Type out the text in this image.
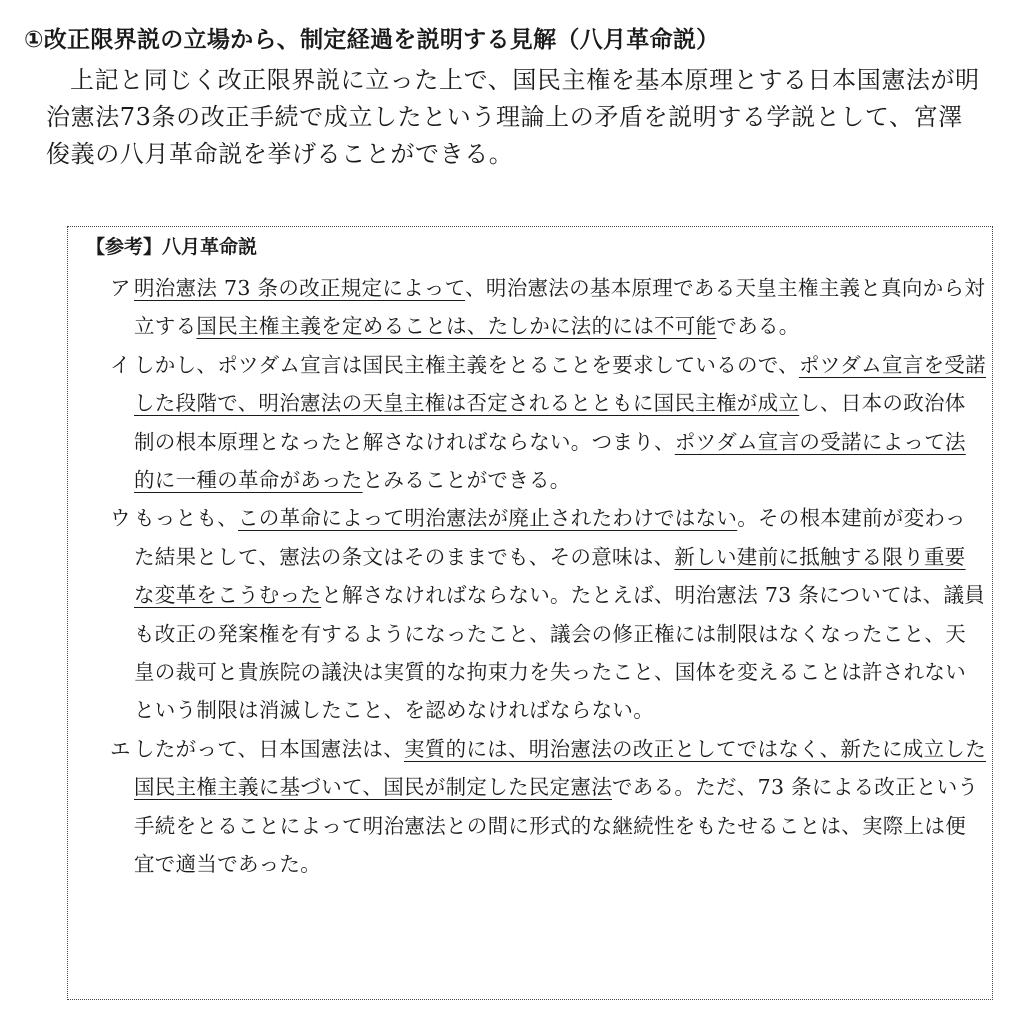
①改正限界説の立場から、制定経過を説明する見解（八月革命説）

上記と同じく改正限界説に立った上で、国民主権を基本原理とする日本国憲法が明治憲法73条の改正手続で成立したという理論上の矛盾を説明する学説として、宮澤俊義の八月革命説を挙げることができる。

【参考】八月革命説
ア 明治憲法 73 条の改正規定によって、明治憲法の基本原理である天皇主権主義と真向から対立する国民主権主義を定めることは、たしかに法的には不可能である。
イ しかし、ポツダム宣言は国民主権主義をとることを要求しているので、ポツダム宣言を受諾した段階で、明治憲法の天皇主権は否定されるとともに国民主権が成立し、日本の政治体制の根本原理となったと解さなければならない。つまり、ポツダム宣言の受諾によって法的に一種の革命があったとみることができる。
ウ もっとも、この革命によって明治憲法が廃止されたわけではない。その根本建前が変わった結果として、憲法の条文はそのままでも、その意味は、新しい建前に抵触する限り重要な変革をこうむったと解さなければならない。たとえば、明治憲法 73 条については、議員も改正の発案権を有するようになったこと、議会の修正権には制限はなくなったこと、天皇の裁可と貴族院の議決は実質的な拘束力を失ったこと、国体を変えることは許されないという制限は消滅したこと、を認めなければならない。
エ したがって、日本国憲法は、実質的には、明治憲法の改正としてではなく、新たに成立した国民主権主義に基づいて、国民が制定した民定憲法である。ただ、73 条による改正という手続をとることによって明治憲法との間に形式的な継続性をもたせることは、実際上は便宜で適当であった。
